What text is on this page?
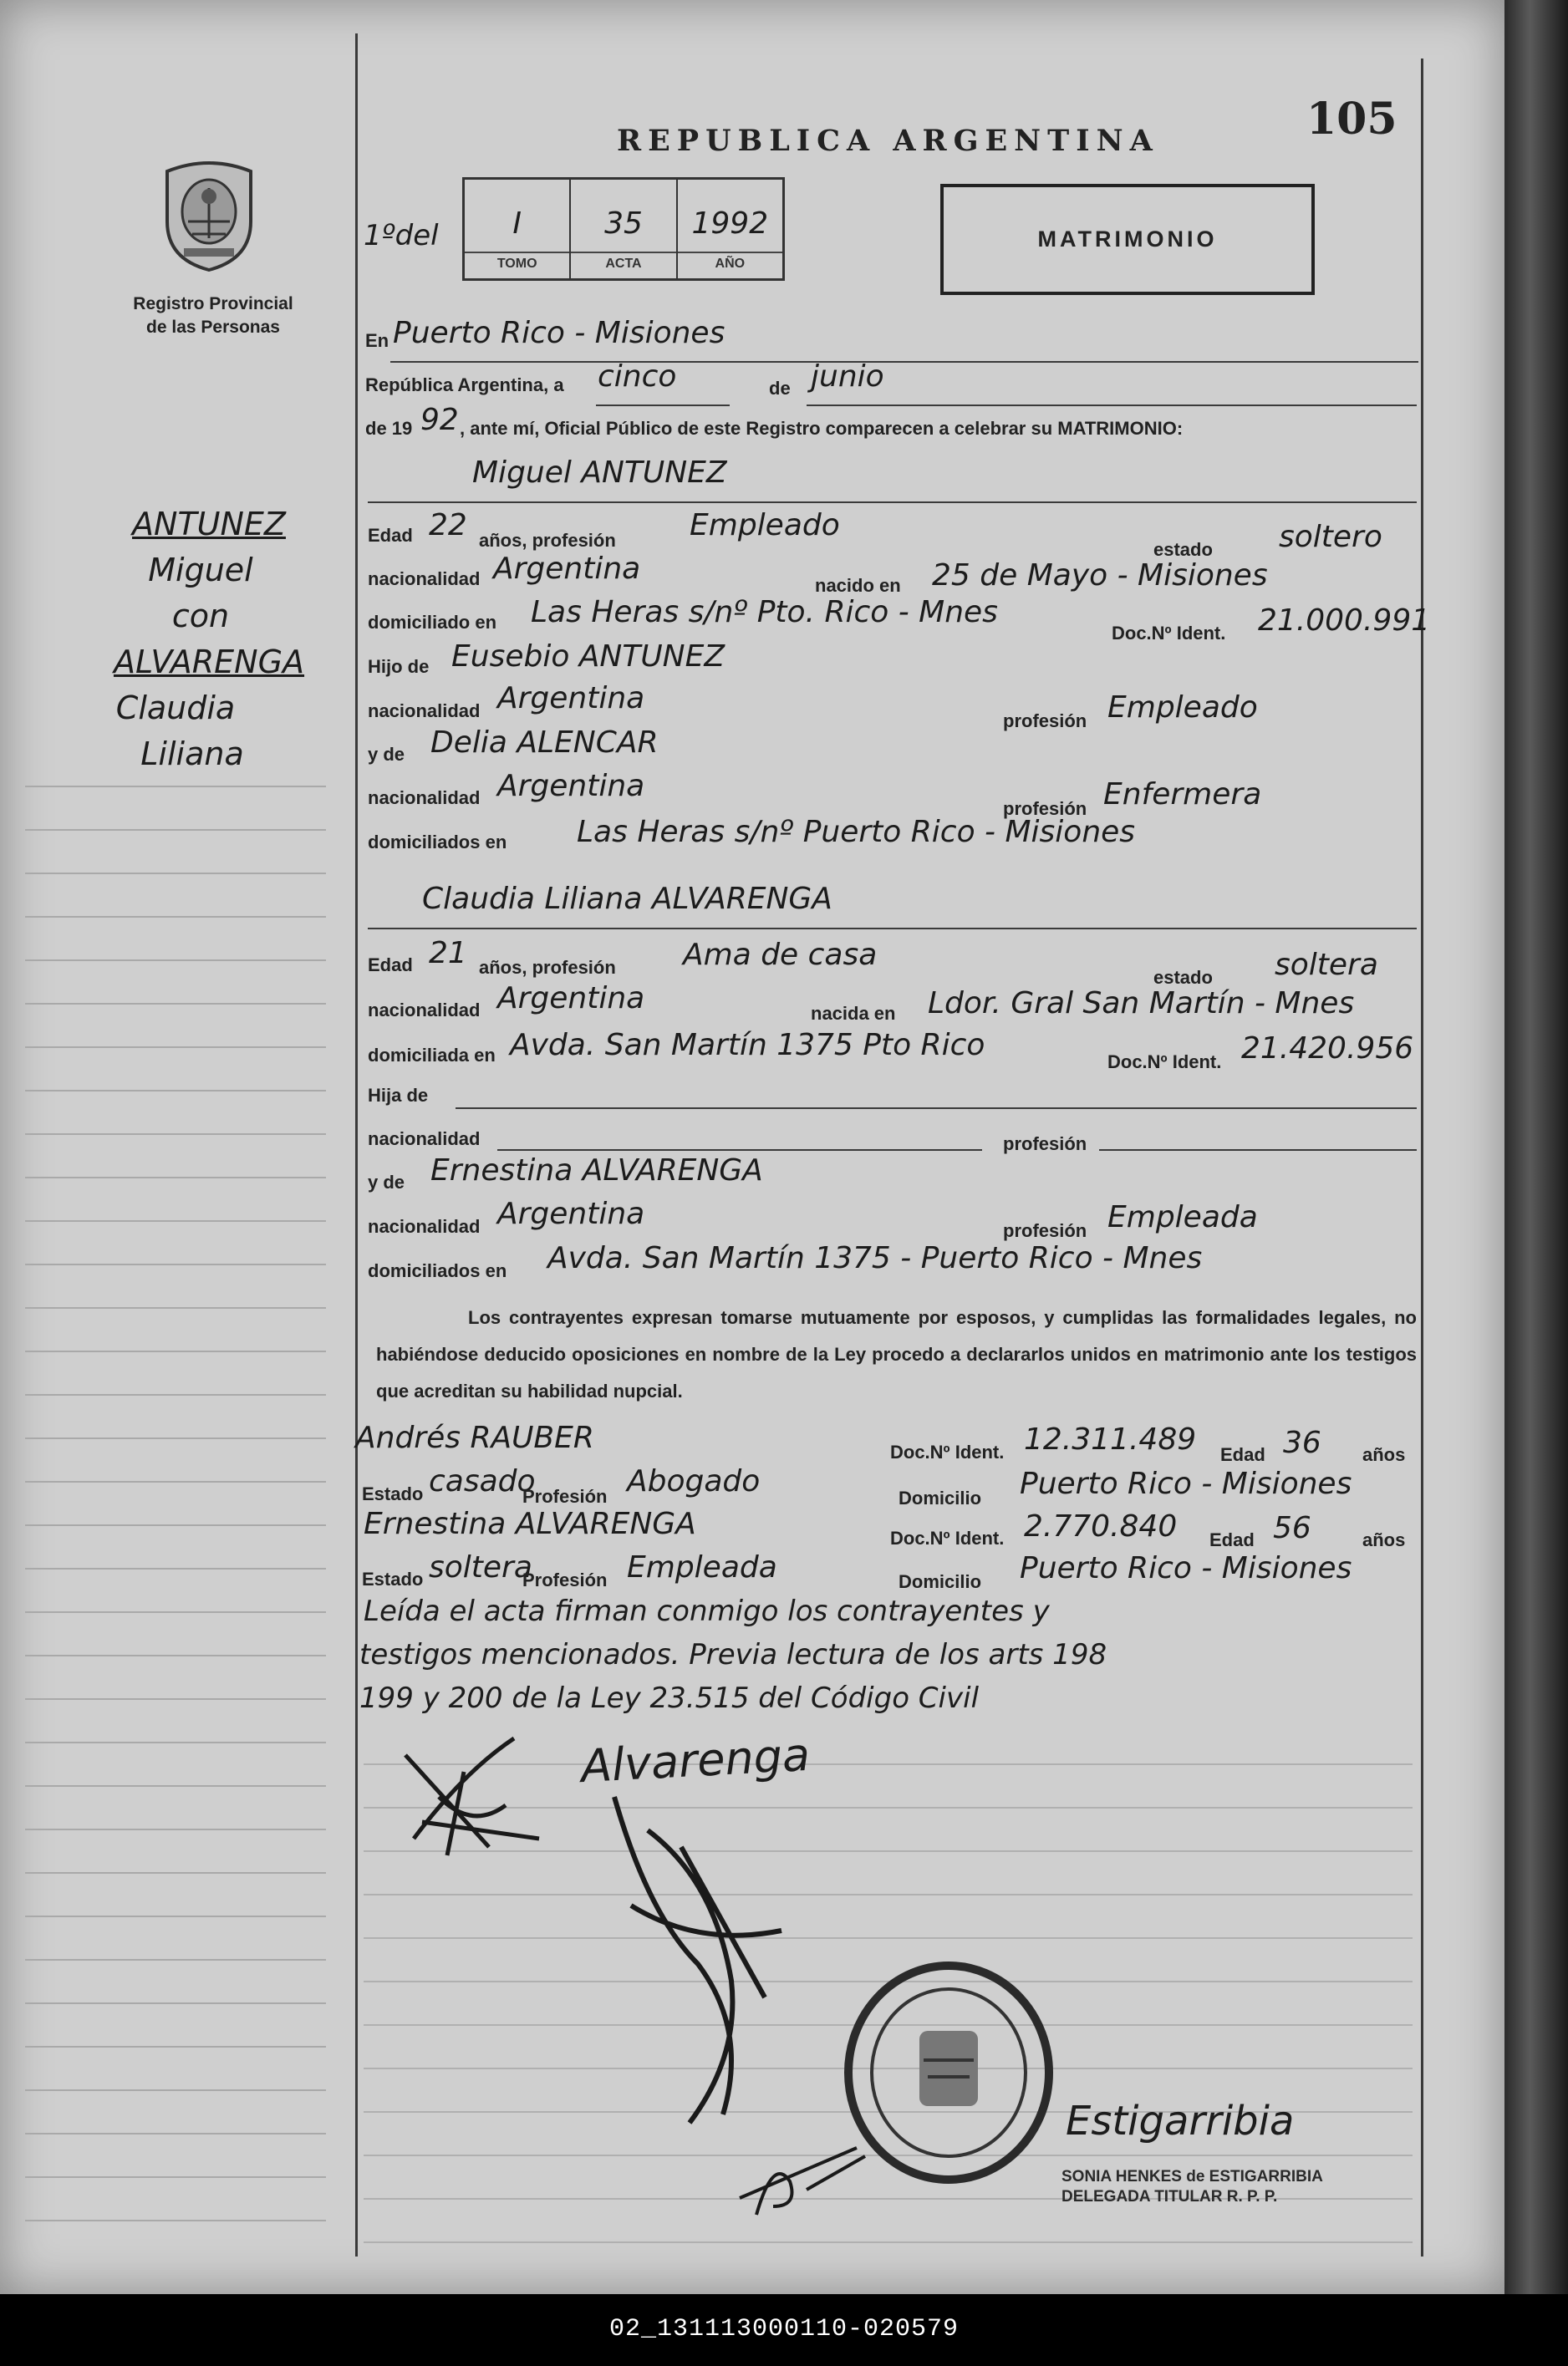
02_131113000110-020579
Registro Provincial
de las Personas
ANTUNEZ
Miguel
con
ALVARENGA
Claudia
Liliana
105
REPUBLICA ARGENTINA
1ºdel	I
TOMO
35
ACTA
1992
AÑO
MATRIMONIO
En Puerto Rico - Misiones
República Argentina, a cinco	de junio
de 19 92 , ante mí, Oficial Público de este Registro comparecen a celebrar su MATRIMONIO:
Miguel ANTUNEZ
Edad 22 años, profesión Empleado
estado soltero
nacionalidad Argentina	nacido en 25 de Mayo - Misiones
domiciliado en Las Heras s/nº Pto. Rico - Mnes
Doc.Nº Ident. 21.000.991
Hijo de Eusebio ANTUNEZ
nacionalidad Argentina
profesión Empleado
y de Delia ALENCAR
nacionalidad Argentina
profesión Enfermera
domiciliados en Las Heras s/nº Puerto Rico - Misiones
Claudia Liliana ALVARENGA
Edad 21 años, profesión Ama de casa
estado soltera
nacionalidad Argentina	nacida en Ldor. Gral San Martín - Mnes
domiciliada en Avda. San Martín 1375 Pto Rico	Doc.Nº Ident. 21.420.956
Hija de
nacionalidad	profesión
y de Ernestina ALVARENGA
nacionalidad Argentina	profesión Empleada
domiciliados en Avda. San Martín 1375 - Puerto Rico - Mnes
Los contrayentes expresan tomarse mutuamente por esposos, y cumplidas las formalidades legales, no habiéndose deducido oposiciones en nombre de la Ley procedo a declararlos unidos en matrimonio ante los testigos que acreditan su habilidad nupcial.
Andrés RAUBER	Doc.Nº Ident. 12.311.489 Edad 36 años
Estado casado
Profesión Abogado	Domicilio Puerto Rico - Misiones
Ernestina ALVARENGA	Doc.Nº Ident. 2.770.840 Edad 56	años
Estado soltera
Profesión Empleada	Domicilio Puerto Rico - Misiones
Leída el acta firman conmigo los contrayentes y
testigos mencionados. Previa lectura de los arts 198
199 y 200 de la Ley 23.515 del Código Civil
Alvarenga
Estigarribia
SONIA HENKES de ESTIGARRIBIA
DELEGADA TITULAR R. P. P.
